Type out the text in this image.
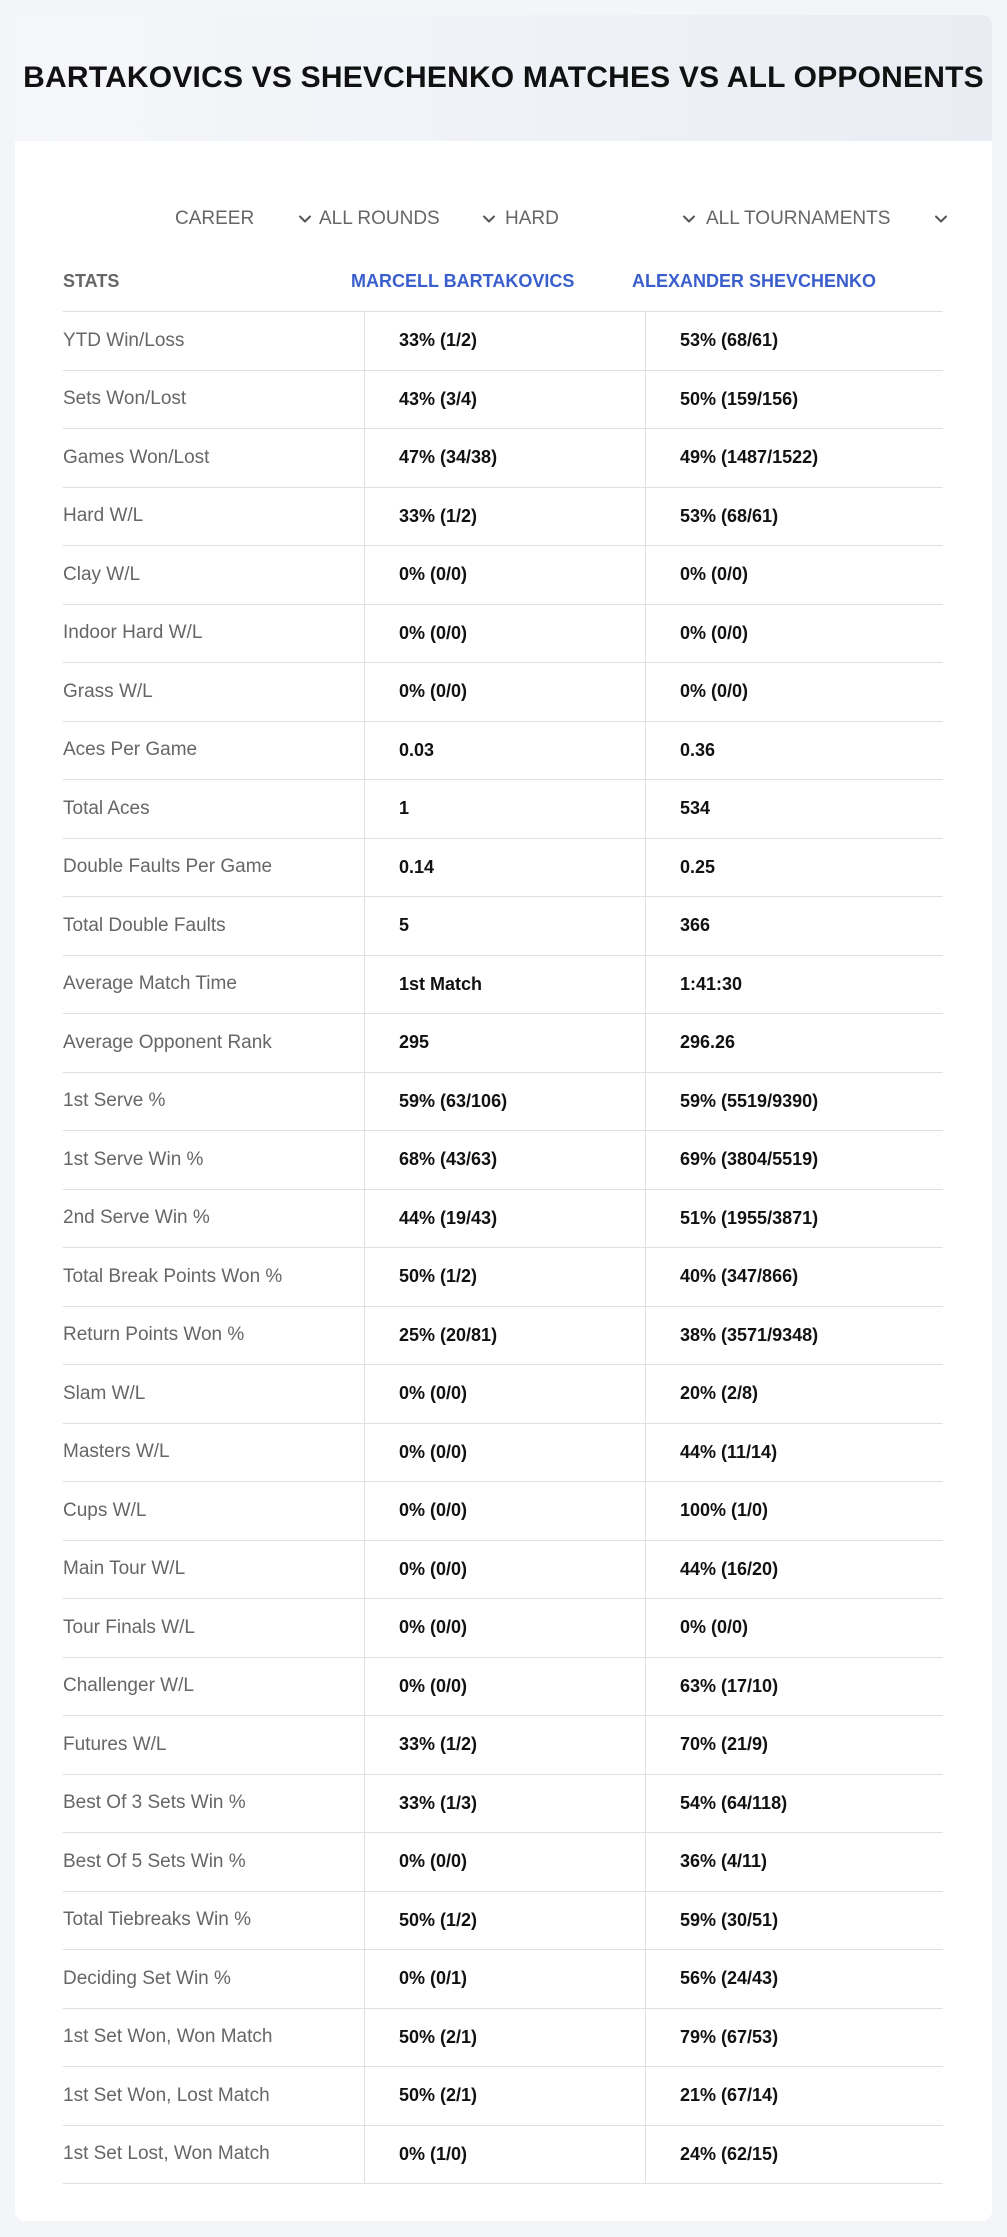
BARTAKOVICS VS SHEVCHENKO MATCHES VS ALL OPPONENTS
CAREER	ALL ROUNDS	HARD	ALL TOURNAMENTS
STATS	MARCELL BARTAKOVICS	ALEXANDER SHEVCHENKO
YTD Win/Loss	33% (1/2)	53% (68/61)
Sets Won/Lost	43% (3/4)	50% (159/156)
Games Won/Lost	47% (34/38)	49% (1487/1522)
Hard W/L	33% (1/2)	53% (68/61)
Clay W/L	0% (0/0)	0% (0/0)
Indoor Hard W/L	0% (0/0)	0% (0/0)
Grass W/L	0% (0/0)	0% (0/0)
Aces Per Game	0.03	0.36
Total Aces	1	534
Double Faults Per Game	0.14	0.25
Total Double Faults	5	366
Average Match Time	1st Match	1:41:30
Average Opponent Rank	295	296.26
1st Serve %	59% (63/106)	59% (5519/9390)
1st Serve Win %	68% (43/63)	69% (3804/5519)
2nd Serve Win %	44% (19/43)	51% (1955/3871)
Total Break Points Won %	50% (1/2)	40% (347/866)
Return Points Won %	25% (20/81)	38% (3571/9348)
Slam W/L	0% (0/0)	20% (2/8)
Masters W/L	0% (0/0)	44% (11/14)
Cups W/L	0% (0/0)	100% (1/0)
Main Tour W/L	0% (0/0)	44% (16/20)
Tour Finals W/L	0% (0/0)	0% (0/0)
Challenger W/L	0% (0/0)	63% (17/10)
Futures W/L	33% (1/2)	70% (21/9)
Best Of 3 Sets Win %	33% (1/3)	54% (64/118)
Best Of 5 Sets Win %	0% (0/0)	36% (4/11)
Total Tiebreaks Win %	50% (1/2)	59% (30/51)
Deciding Set Win %	0% (0/1)	56% (24/43)
1st Set Won, Won Match	50% (2/1)	79% (67/53)
1st Set Won, Lost Match	50% (2/1)	21% (67/14)
1st Set Lost, Won Match	0% (1/0)	24% (62/15)
